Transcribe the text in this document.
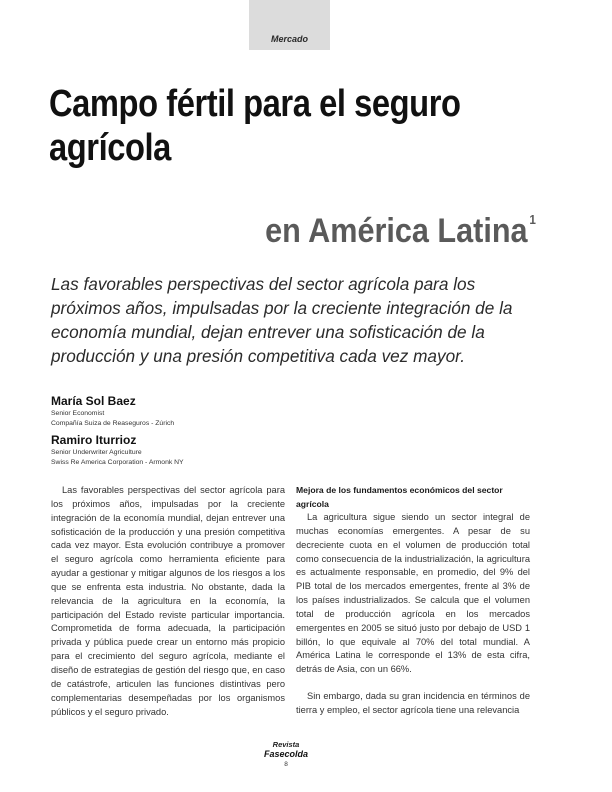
Mercado
Campo fértil para el seguro agrícola
en América Latina $^1$

Las favorables perspectivas del sector agrícola para los próximos años, impulsadas por la creciente integración de la economía mundial, dejan entrever una sofisticación de la producción y una presión competitiva cada vez mayor.

María Sol Baez
Senior Economist
Compañía Suiza de Reaseguros - Zúrich
Ramiro Iturrioz
Senior Underwriter Agriculture
Swiss Re America Corporation - Armonk NY

Las favorables perspectivas del sector agrícola para los próximos años, impulsadas por la creciente integración de la economía mundial, dejan entrever una sofisticación de la producción y una presión competitiva cada vez mayor. Esta evolución contribuye a promover el seguro agrícola como herramienta eficiente para ayudar a gestionar y mitigar algunos de los riesgos a los que se enfrenta esta industria. No obstante, dada la relevancia de la agricultura en la economía, la participación del Estado reviste particular importancia. Comprometida de forma adecuada, la participación privada y pública puede crear un entorno más propicio para el crecimiento del seguro agrícola, mediante el diseño de estrategias de gestión del riesgo que, en caso de catástrofe, articulen las funciones distintivas pero complementarias desempeñadas por los organismos públicos y el seguro privado.

Mejora de los fundamentos económicos del sector agrícola

La agricultura sigue siendo un sector integral de muchas economías emergentes. A pesar de su decreciente cuota en el volumen de producción total como consecuencia de la industrialización, la agricultura es actualmente responsable, en promedio, del 9% del PIB total de los mercados emergentes, frente al 3% de los países industrializados. Se calcula que el volumen total de producción agrícola en los mercados emergentes en 2005 se situó justo por debajo de USD 1 billón, lo que equivale al 70% del total mundial. A América Latina le corresponde el 13% de esta cifra, detrás de Asia, con un 66%.

Sin embargo, dada su gran incidencia en términos de tierra y empleo, el sector agrícola tiene una relevancia

Revista
Fasecolda
8
